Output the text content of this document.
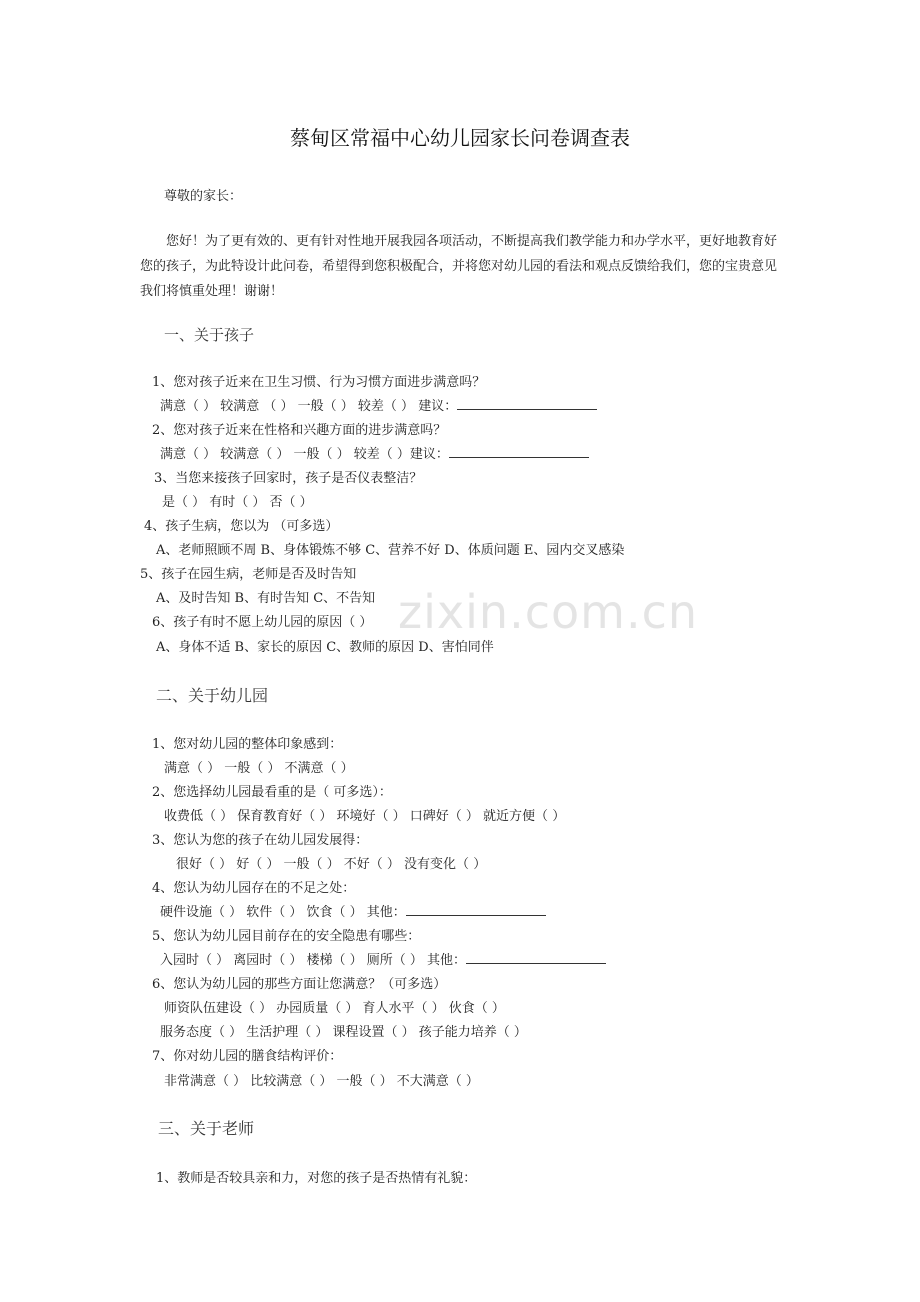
蔡甸区常福中心幼儿园家长问卷调查表
尊敬的家长：

您好！为了更有效的、更有针对性地开展我园各项活动，不断提高我们教学能力和办学水平，更好地教育好您的孩子，为此特设计此问卷，希望得到您积极配合，并将您对幼儿园的看法和观点反馈给我们，您的宝贵意见我们将慎重处理！谢谢！

一、关于孩子
1、您对孩子近来在卫生习惯、行为习惯方面进步满意吗？
满意（ ） 较满意 （ ） 一般（ ） 较差（ ） 建议：
2、您对孩子近来在性格和兴趣方面的进步满意吗？
满意（ ） 较满意（ ） 一般（ ） 较差（ ）建议：
3、当您来接孩子回家时，孩子是否仪表整洁？
是（ ） 有时（ ） 否（ ）
4、孩子生病，您以为 （可多选）
A、老师照顾不周 B、身体锻炼不够 C、营养不好 D、体质问题 E、园内交叉感染
5、孩子在园生病，老师是否及时告知
A、及时告知 B、有时告知 C、不告知
6、孩子有时不愿上幼儿园的原因（ ）
A、身体不适 B、家长的原因 C、教师的原因 D、害怕同伴
二、关于幼儿园
1、您对幼儿园的整体印象感到：
满意（ ） 一般（ ） 不满意（ ）
2、您选择幼儿园最看重的是（ 可多选）：
收费低（ ） 保育教育好（ ） 环境好（ ） 口碑好（ ） 就近方便（ ）
3、您认为您的孩子在幼儿园发展得：
很好（ ） 好（ ） 一般（ ） 不好（ ） 没有变化（ ）
4、您认为幼儿园存在的不足之处：
硬件设施（ ） 软件（ ） 饮食（ ） 其他：
5、您认为幼儿园目前存在的安全隐患有哪些：
入园时（ ） 离园时（ ） 楼梯（ ） 厕所（ ） 其他：
6、您认为幼儿园的那些方面让您满意？（可多选）
师资队伍建设（ ） 办园质量（ ） 育人水平（ ） 伙食（ ）
服务态度（ ） 生活护理（ ） 课程设置（ ） 孩子能力培养（ ）
7、你对幼儿园的膳食结构评价：
非常满意（ ） 比较满意（ ） 一般（ ） 不大满意（ ）
三、关于老师
1、教师是否较具亲和力，对您的孩子是否热情有礼貌：
zixin.com.cn
